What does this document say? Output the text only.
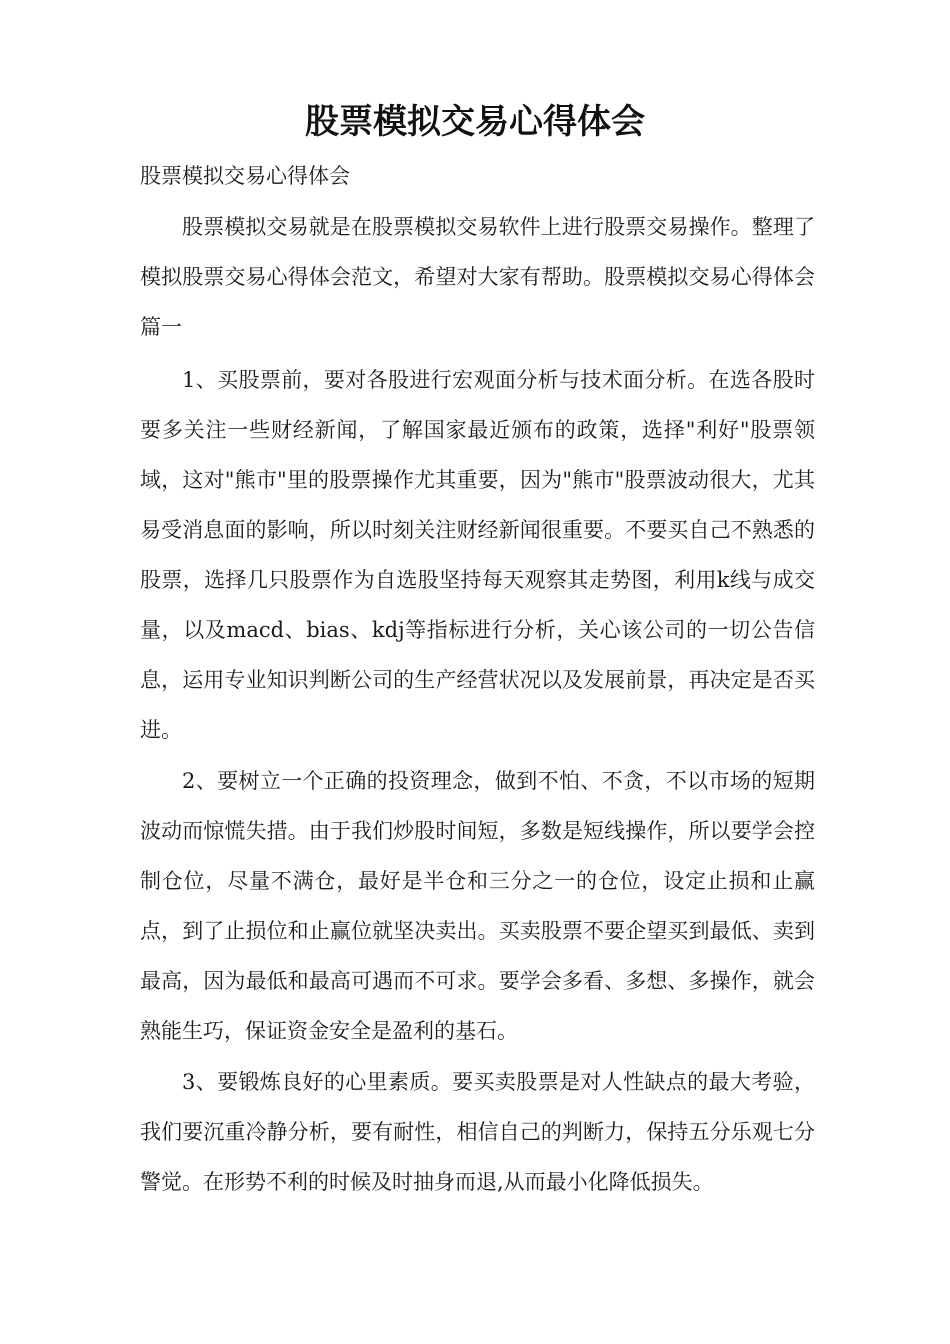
股票模拟交易心得体会

股票模拟交易心得体会

股票模拟交易就是在股票模拟交易软件上进行股票交易操作。整理了模拟股票交易心得体会范文，希望对大家有帮助。股票模拟交易心得体会篇一

1、买股票前，要对各股进行宏观面分析与技术面分析。在选各股时要多关注一些财经新闻，了解国家最近颁布的政策，选择"利好"股票领域，这对"熊市"里的股票操作尤其重要，因为"熊市"股票波动很大，尤其易受消息面的影响，所以时刻关注财经新闻很重要。不要买自己不熟悉的股票，选择几只股票作为自选股坚持每天观察其走势图，利用k线与成交量，以及macd、bias、kdj等指标进行分析，关心该公司的一切公告信息，运用专业知识判断公司的生产经营状况以及发展前景，再决定是否买进。

2、要树立一个正确的投资理念，做到不怕、不贪，不以市场的短期波动而惊慌失措。由于我们炒股时间短，多数是短线操作，所以要学会控制仓位，尽量不满仓，最好是半仓和三分之一的仓位，设定止损和止赢点，到了止损位和止赢位就坚决卖出。买卖股票不要企望买到最低、卖到最高，因为最低和最高可遇而不可求。要学会多看、多想、多操作，就会熟能生巧，保证资金安全是盈利的基石。

3、要锻炼良好的心里素质。要买卖股票是对人性缺点的最大考验，我们要沉重冷静分析，要有耐性，相信自己的判断力，保持五分乐观七分警觉。在形势不利的时候及时抽身而退,从而最小化降低损失。
